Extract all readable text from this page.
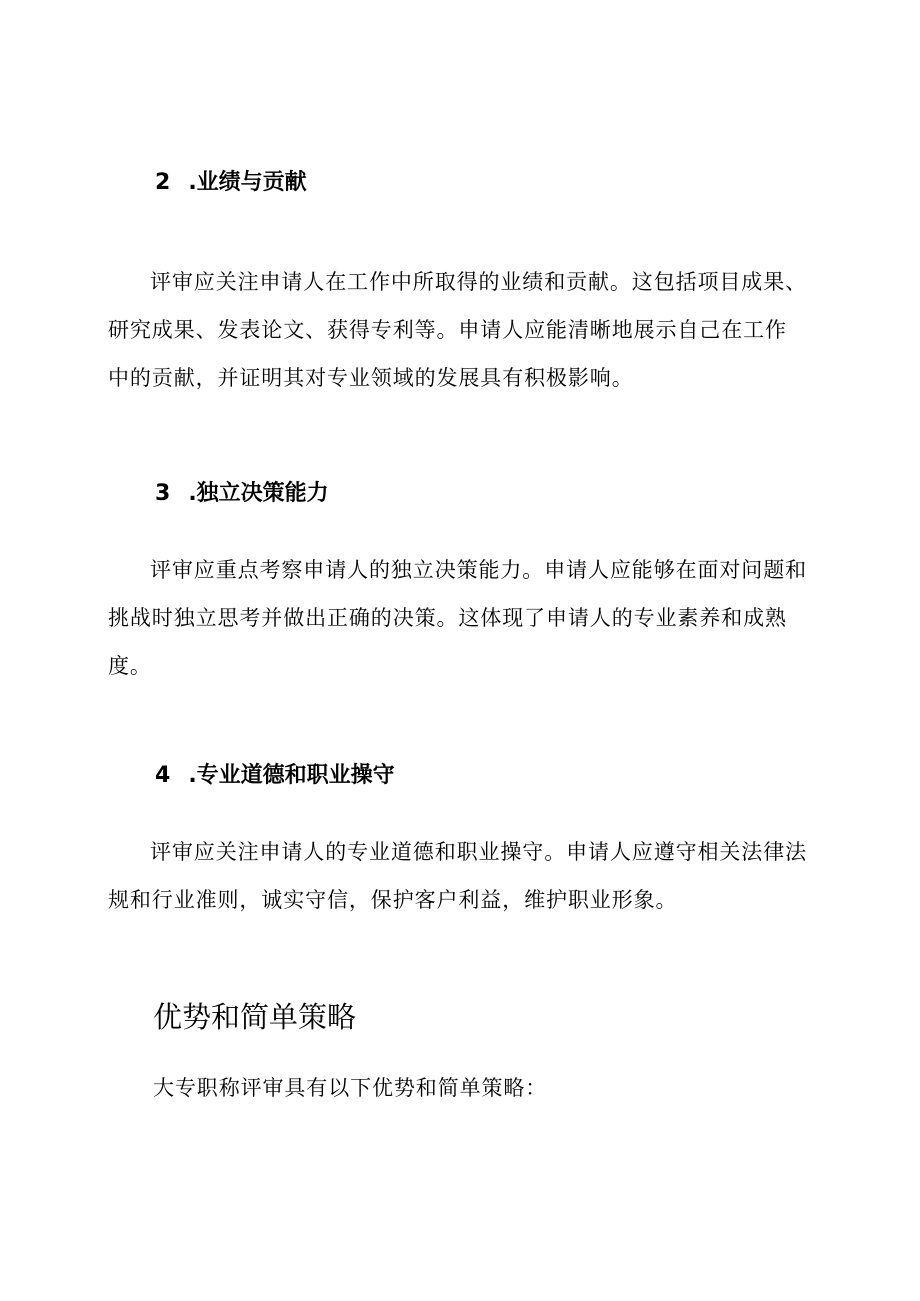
2 .业绩与贡献
评审应关注申请人在工作中所取得的业绩和贡献。这包括项目成果、研究成果、发表论文、获得专利等。申请人应能清晰地展示自己在工作中的贡献，并证明其对专业领域的发展具有积极影响。
3 .独立决策能力
评审应重点考察申请人的独立决策能力。申请人应能够在面对问题和挑战时独立思考并做出正确的决策。这体现了申请人的专业素养和成熟度。
4 .专业道德和职业操守
评审应关注申请人的专业道德和职业操守。申请人应遵守相关法律法规和行业准则，诚实守信，保护客户利益，维护职业形象。
优势和简单策略
大专职称评审具有以下优势和简单策略：
